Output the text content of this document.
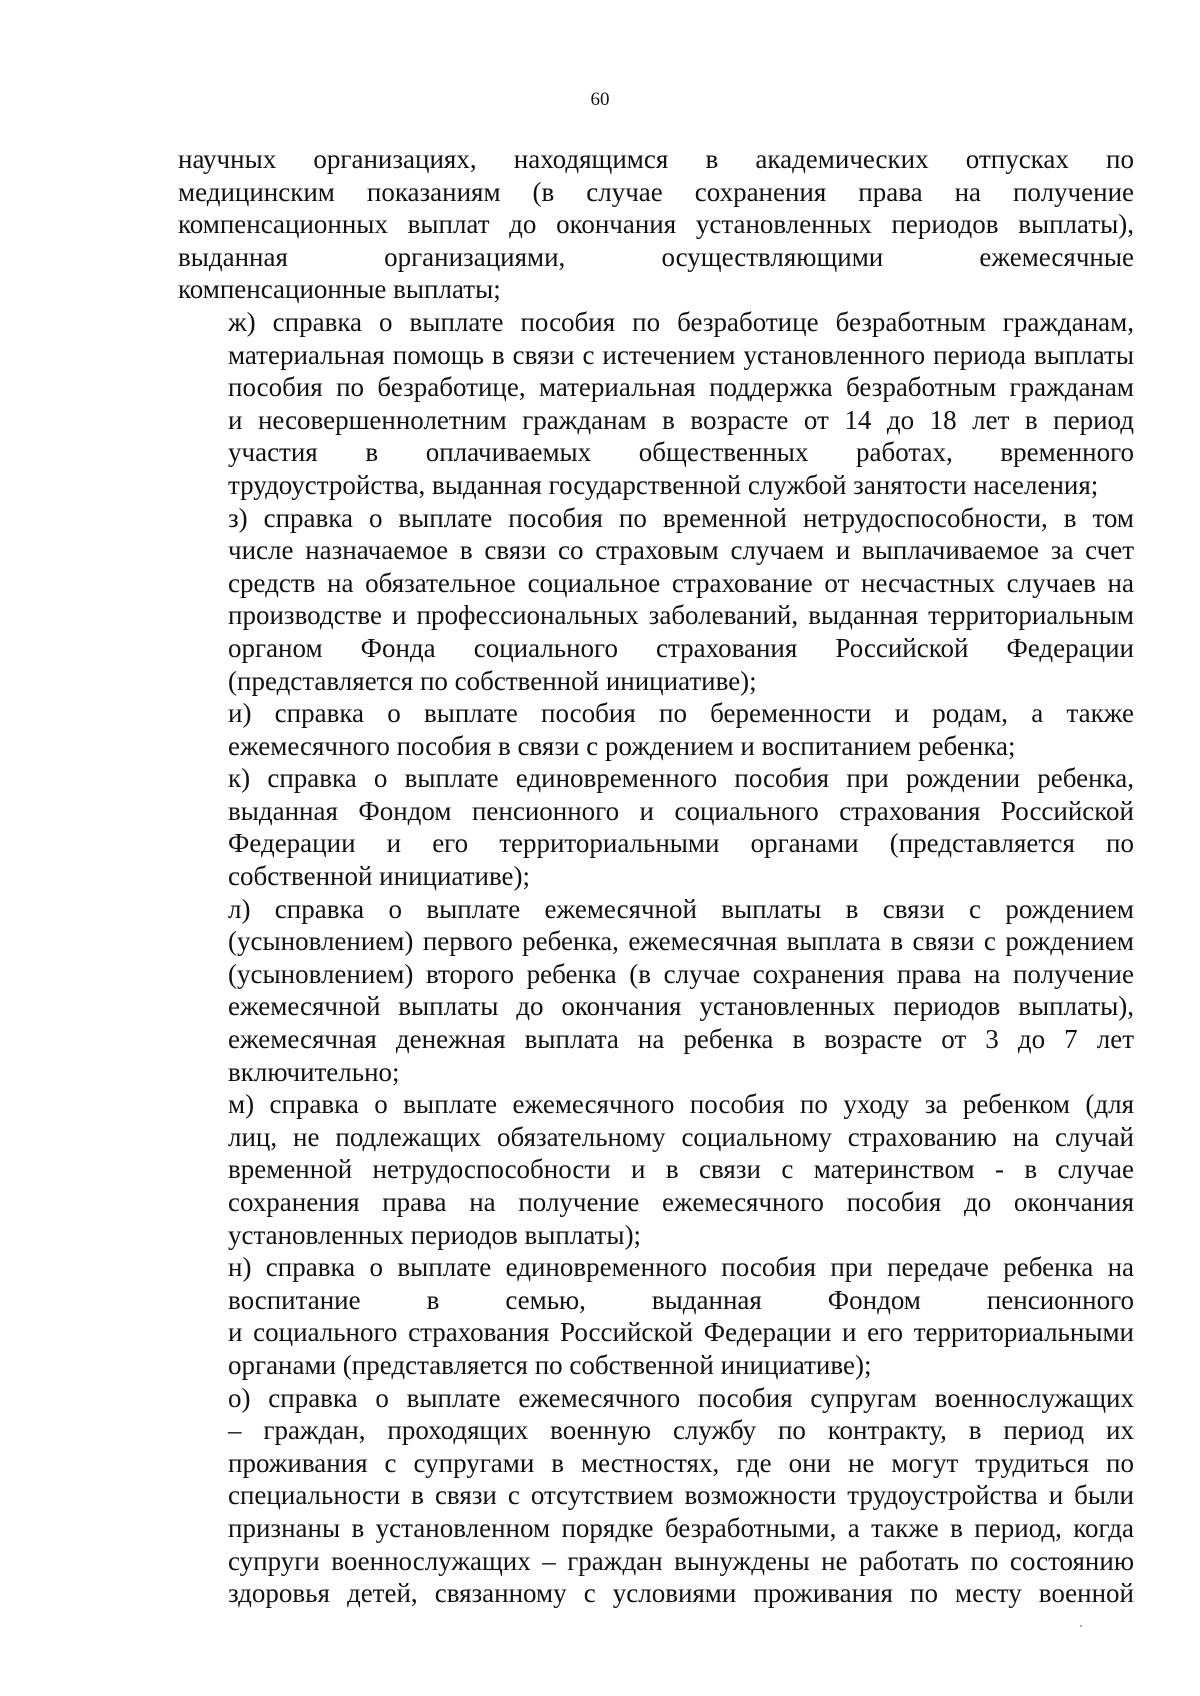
60
научных организациях, находящимся в академических отпусках по
медицинским показаниям (в случае сохранения права на получение
компенсационных выплат до окончания установленных периодов выплаты),
выданная организациями, осуществляющими ежемесячные
компенсационные выплаты;
ж) справка о выплате пособия по безработице безработным гражданам,
материальная помощь в связи с истечением установленного периода выплаты
пособия по безработице, материальная поддержка безработным гражданам
и несовершеннолетним гражданам в возрасте от 14 до 18 лет в период
участия в оплачиваемых общественных работах, временного
трудоустройства, выданная государственной службой занятости населения;
з) справка о выплате пособия по временной нетрудоспособности, в том
числе назначаемое в связи со страховым случаем и выплачиваемое за счет
средств на обязательное социальное страхование от несчастных случаев на
производстве и профессиональных заболеваний, выданная территориальным
органом Фонда социального страхования Российской Федерации
(представляется по собственной инициативе);
и) справка о выплате пособия по беременности и родам, а также
ежемесячного пособия в связи с рождением и воспитанием ребенка;
к) справка о выплате единовременного пособия при рождении ребенка,
выданная Фондом пенсионного и социального страхования Российской
Федерации и его территориальными органами (представляется по
собственной инициативе);
л) справка о выплате ежемесячной выплаты в связи с рождением
(усыновлением) первого ребенка, ежемесячная выплата в связи с рождением
(усыновлением) второго ребенка (в случае сохранения права на получение
ежемесячной выплаты до окончания установленных периодов выплаты),
ежемесячная денежная выплата на ребенка в возрасте от 3 до 7 лет
включительно;
м) справка о выплате ежемесячного пособия по уходу за ребенком (для
лиц, не подлежащих обязательному социальному страхованию на случай
временной нетрудоспособности и в связи с материнством - в случае
сохранения права на получение ежемесячного пособия до окончания
установленных периодов выплаты);
н) справка о выплате единовременного пособия при передаче ребенка на
воспитание в семью, выданная Фондом пенсионного
и социального страхования Российской Федерации и его территориальными
органами (представляется по собственной инициативе);
о) справка о выплате ежемесячного пособия супругам военнослужащих
– граждан, проходящих военную службу по контракту, в период их
проживания с супругами в местностях, где они не могут трудиться по
специальности в связи с отсутствием возможности трудоустройства и были
признаны в установленном порядке безработными, а также в период, когда
супруги военнослужащих – граждан вынуждены не работать по состоянию
здоровья детей, связанному с условиями проживания по месту военной
